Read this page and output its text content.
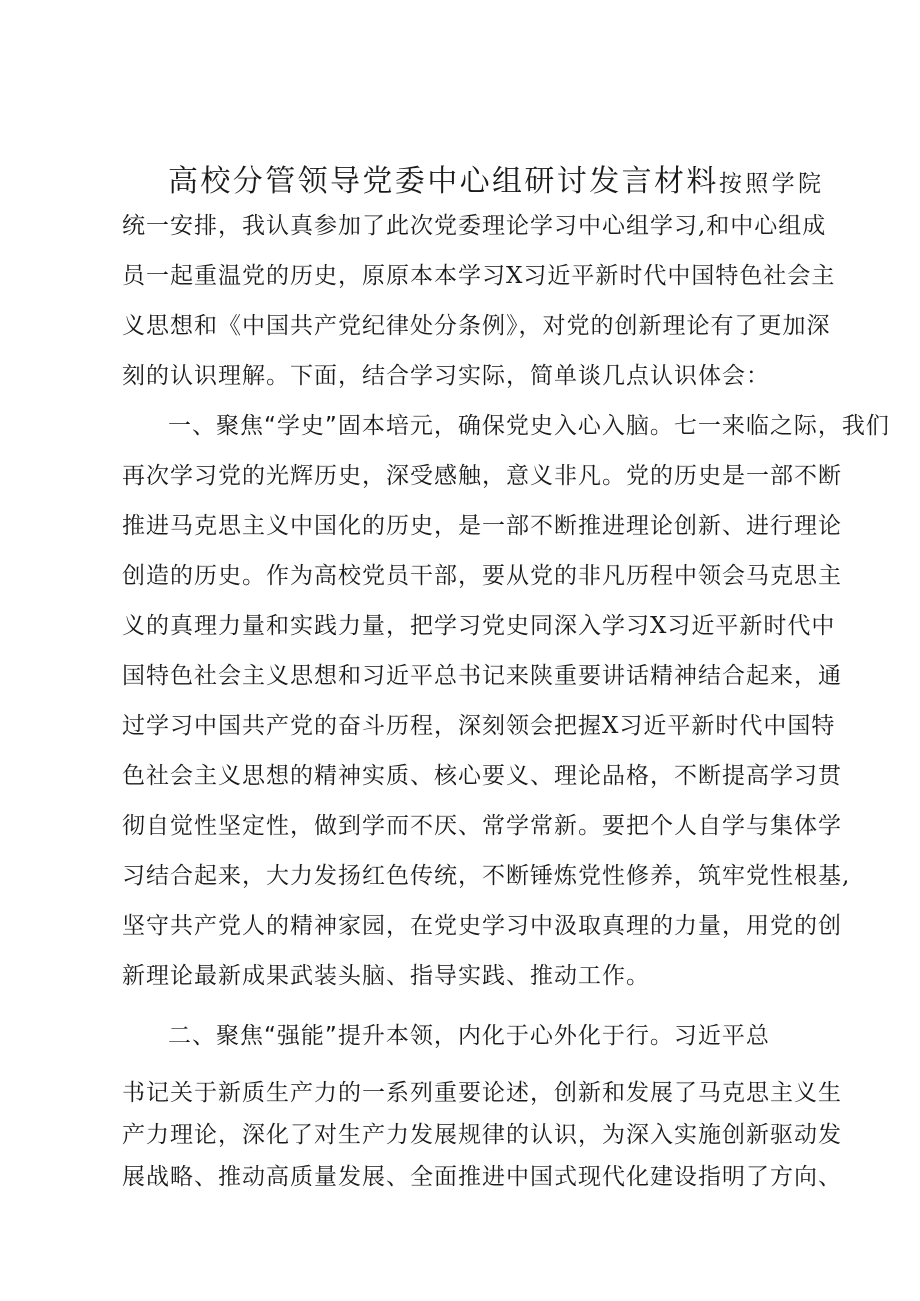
高校分管领导党委中心组研讨发言材料按照学院
统一安排，我认真参加了此次党委理论学习中心组学习,和中心组成
员一起重温党的历史，原原本本学习X习近平新时代中国特色社会主
义思想和《中国共产党纪律处分条例》，对党的创新理论有了更加深
刻的认识理解。下面，结合学习实际，简单谈几点认识体会：
一、聚焦“学史”固本培元，确保党史入心入脑。七一来临之际，我们
再次学习党的光辉历史，深受感触，意义非凡。党的历史是一部不断
推进马克思主义中国化的历史，是一部不断推进理论创新、进行理论
创造的历史。作为高校党员干部，要从党的非凡历程中领会马克思主
义的真理力量和实践力量，把学习党史同深入学习X习近平新时代中
国特色社会主义思想和习近平总书记来陕重要讲话精神结合起来，通
过学习中国共产党的奋斗历程，深刻领会把握X习近平新时代中国特
色社会主义思想的精神实质、核心要义、理论品格，不断提高学习贯
彻自觉性坚定性，做到学而不厌、常学常新。要把个人自学与集体学
习结合起来，大力发扬红色传统，不断锤炼党性修养，筑牢党性根基,
坚守共产党人的精神家园，在党史学习中汲取真理的力量，用党的创
新理论最新成果武装头脑、指导实践、推动工作。
二、聚焦“强能”提升本领，内化于心外化于行。习近平总
书记关于新质生产力的一系列重要论述，创新和发展了马克思主义生
产力理论，深化了对生产力发展规律的认识，为深入实施创新驱动发
展战略、推动高质量发展、全面推进中国式现代化建设指明了方向、
